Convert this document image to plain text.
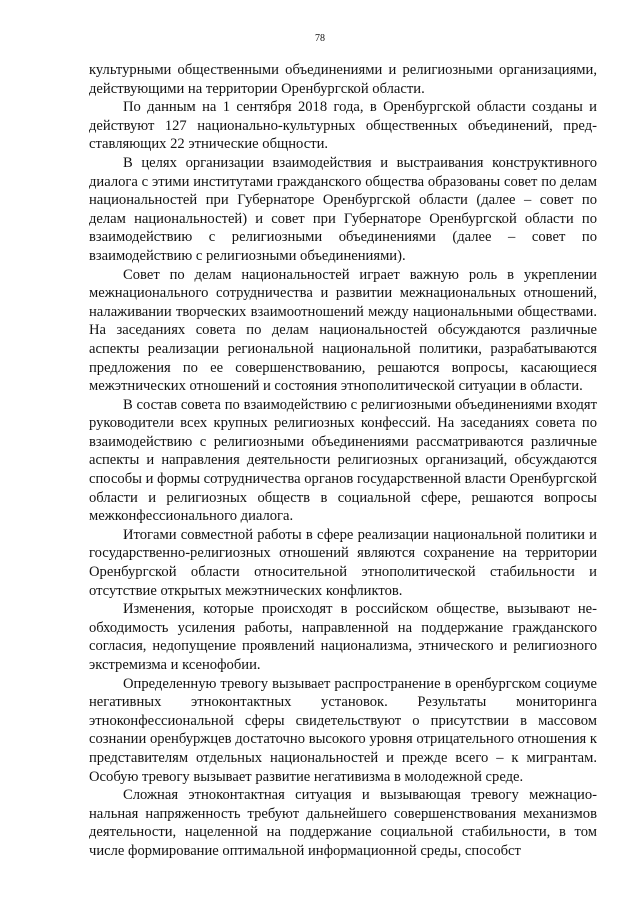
78

культурными общественными объединениями и религиозными организациями, действующими на территории Оренбургской области.

По данным на 1 сентября 2018 года, в Оренбургской области созданы и действуют 127 национально-культурных общественных объединений, представляющих 22 этнические общности.

В целях организации взаимодействия и выстраивания конструктивного диалога с этими институтами гражданского общества образованы совет по делам национальностей при Губернаторе Оренбургской области (далее – совет по делам национальностей) и совет при Губернаторе Оренбургской области по взаимодействию с религиозными объединениями (далее – совет по взаимодействию с религиозными объединениями).

Совет по делам национальностей играет важную роль в укреплении межнационального сотрудничества и развитии межнациональных отношений, налаживании творческих взаимоотношений между национальными обществами. На заседаниях совета по делам национальностей обсуждаются различные аспекты реализации региональной национальной политики, разрабатываются предложения по ее совершенствованию, решаются вопросы, касающиеся межэтнических отношений и состояния этнополитической ситуации в области.

В состав совета по взаимодействию с религиозными объединениями входят руководители всех крупных религиозных конфессий. На заседаниях совета по взаимодействию с религиозными объединениями рассматриваются различные аспекты и направления деятельности религиозных организаций, обсуждаются способы и формы сотрудничества органов государственной власти Оренбургской области и религиозных обществ в социальной сфере, решаются вопросы межконфессионального диалога.

Итогами совместной работы в сфере реализации национальной политики и государственно-религиозных отношений являются сохранение на территории Оренбургской области относительной этнополитической стабильности и отсутствие открытых межэтнических конфликтов.

Изменения, которые происходят в российском обществе, вызывают необходимость усиления работы, направленной на поддержание гражданского согласия, недопущение проявлений национализма, этнического и религиозного экстремизма и ксенофобии.

Определенную тревогу вызывает распространение в оренбургском социуме негативных этноконтактных установок. Результаты мониторинга этноконфессиональной сферы свидетельствуют о присутствии в массовом сознании оренбуржцев достаточно высокого уровня отрицательного отношения к представителям отдельных национальностей и прежде всего – к мигрантам. Особую тревогу вызывает развитие негативизма в молодежной среде.

Сложная этноконтактная ситуация и вызывающая тревогу межнациональная напряженность требуют дальнейшего совершенствования механизмов деятельности, нацеленной на поддержание социальной стабильности, в том числе формирование оптимальной информационной среды, способст
